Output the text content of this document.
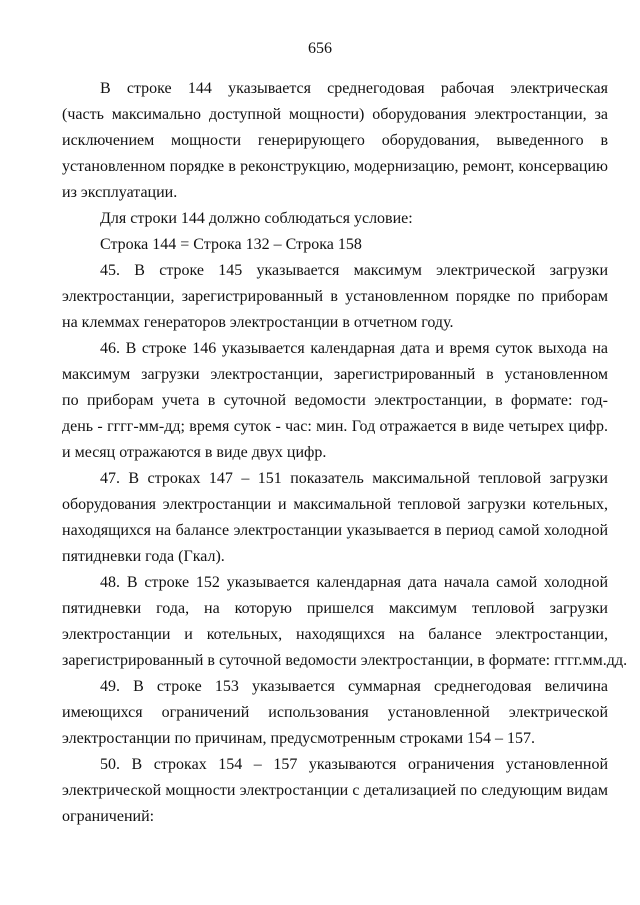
656
В строке 144 указывается среднегодовая рабочая электрическая
(часть максимально доступной мощности) оборудования электростанции, за
исключением мощности генерирующего оборудования, выведенного в
установленном порядке в реконструкцию, модернизацию, ремонт, консервацию
из эксплуатации.
Для строки 144 должно соблюдаться условие:
Строка 144 = Строка 132 – Строка 158
45. В строке 145 указывается максимум электрической загрузки
электростанции, зарегистрированный в установленном порядке по приборам
на клеммах генераторов электростанции в отчетном году.
46. В строке 146 указывается календарная дата и время суток выхода на
максимум загрузки электростанции, зарегистрированный в установленном
по приборам учета в суточной ведомости электростанции, в формате: год-
день - гггг-мм-дд; время суток - час: мин. Год отражается в виде четырех цифр.
и месяц отражаются в виде двух цифр.
47. В строках 147 – 151 показатель максимальной тепловой загрузки
оборудования электростанции и максимальной тепловой загрузки котельных,
находящихся на балансе электростанции указывается в период самой холодной
пятидневки года (Гкал).
48. В строке 152 указывается календарная дата начала самой холодной
пятидневки года, на которую пришелся максимум тепловой загрузки
электростанции и котельных, находящихся на балансе электростанции,
зарегистрированный в суточной ведомости электростанции, в формате: гггг.мм.дд.
49. В строке 153 указывается суммарная среднегодовая величина
имеющихся ограничений использования установленной электрической
электростанции по причинам, предусмотренным строками 154 – 157.
50. В строках 154 – 157 указываются ограничения установленной
электрической мощности электростанции с детализацией по следующим видам
ограничений:
